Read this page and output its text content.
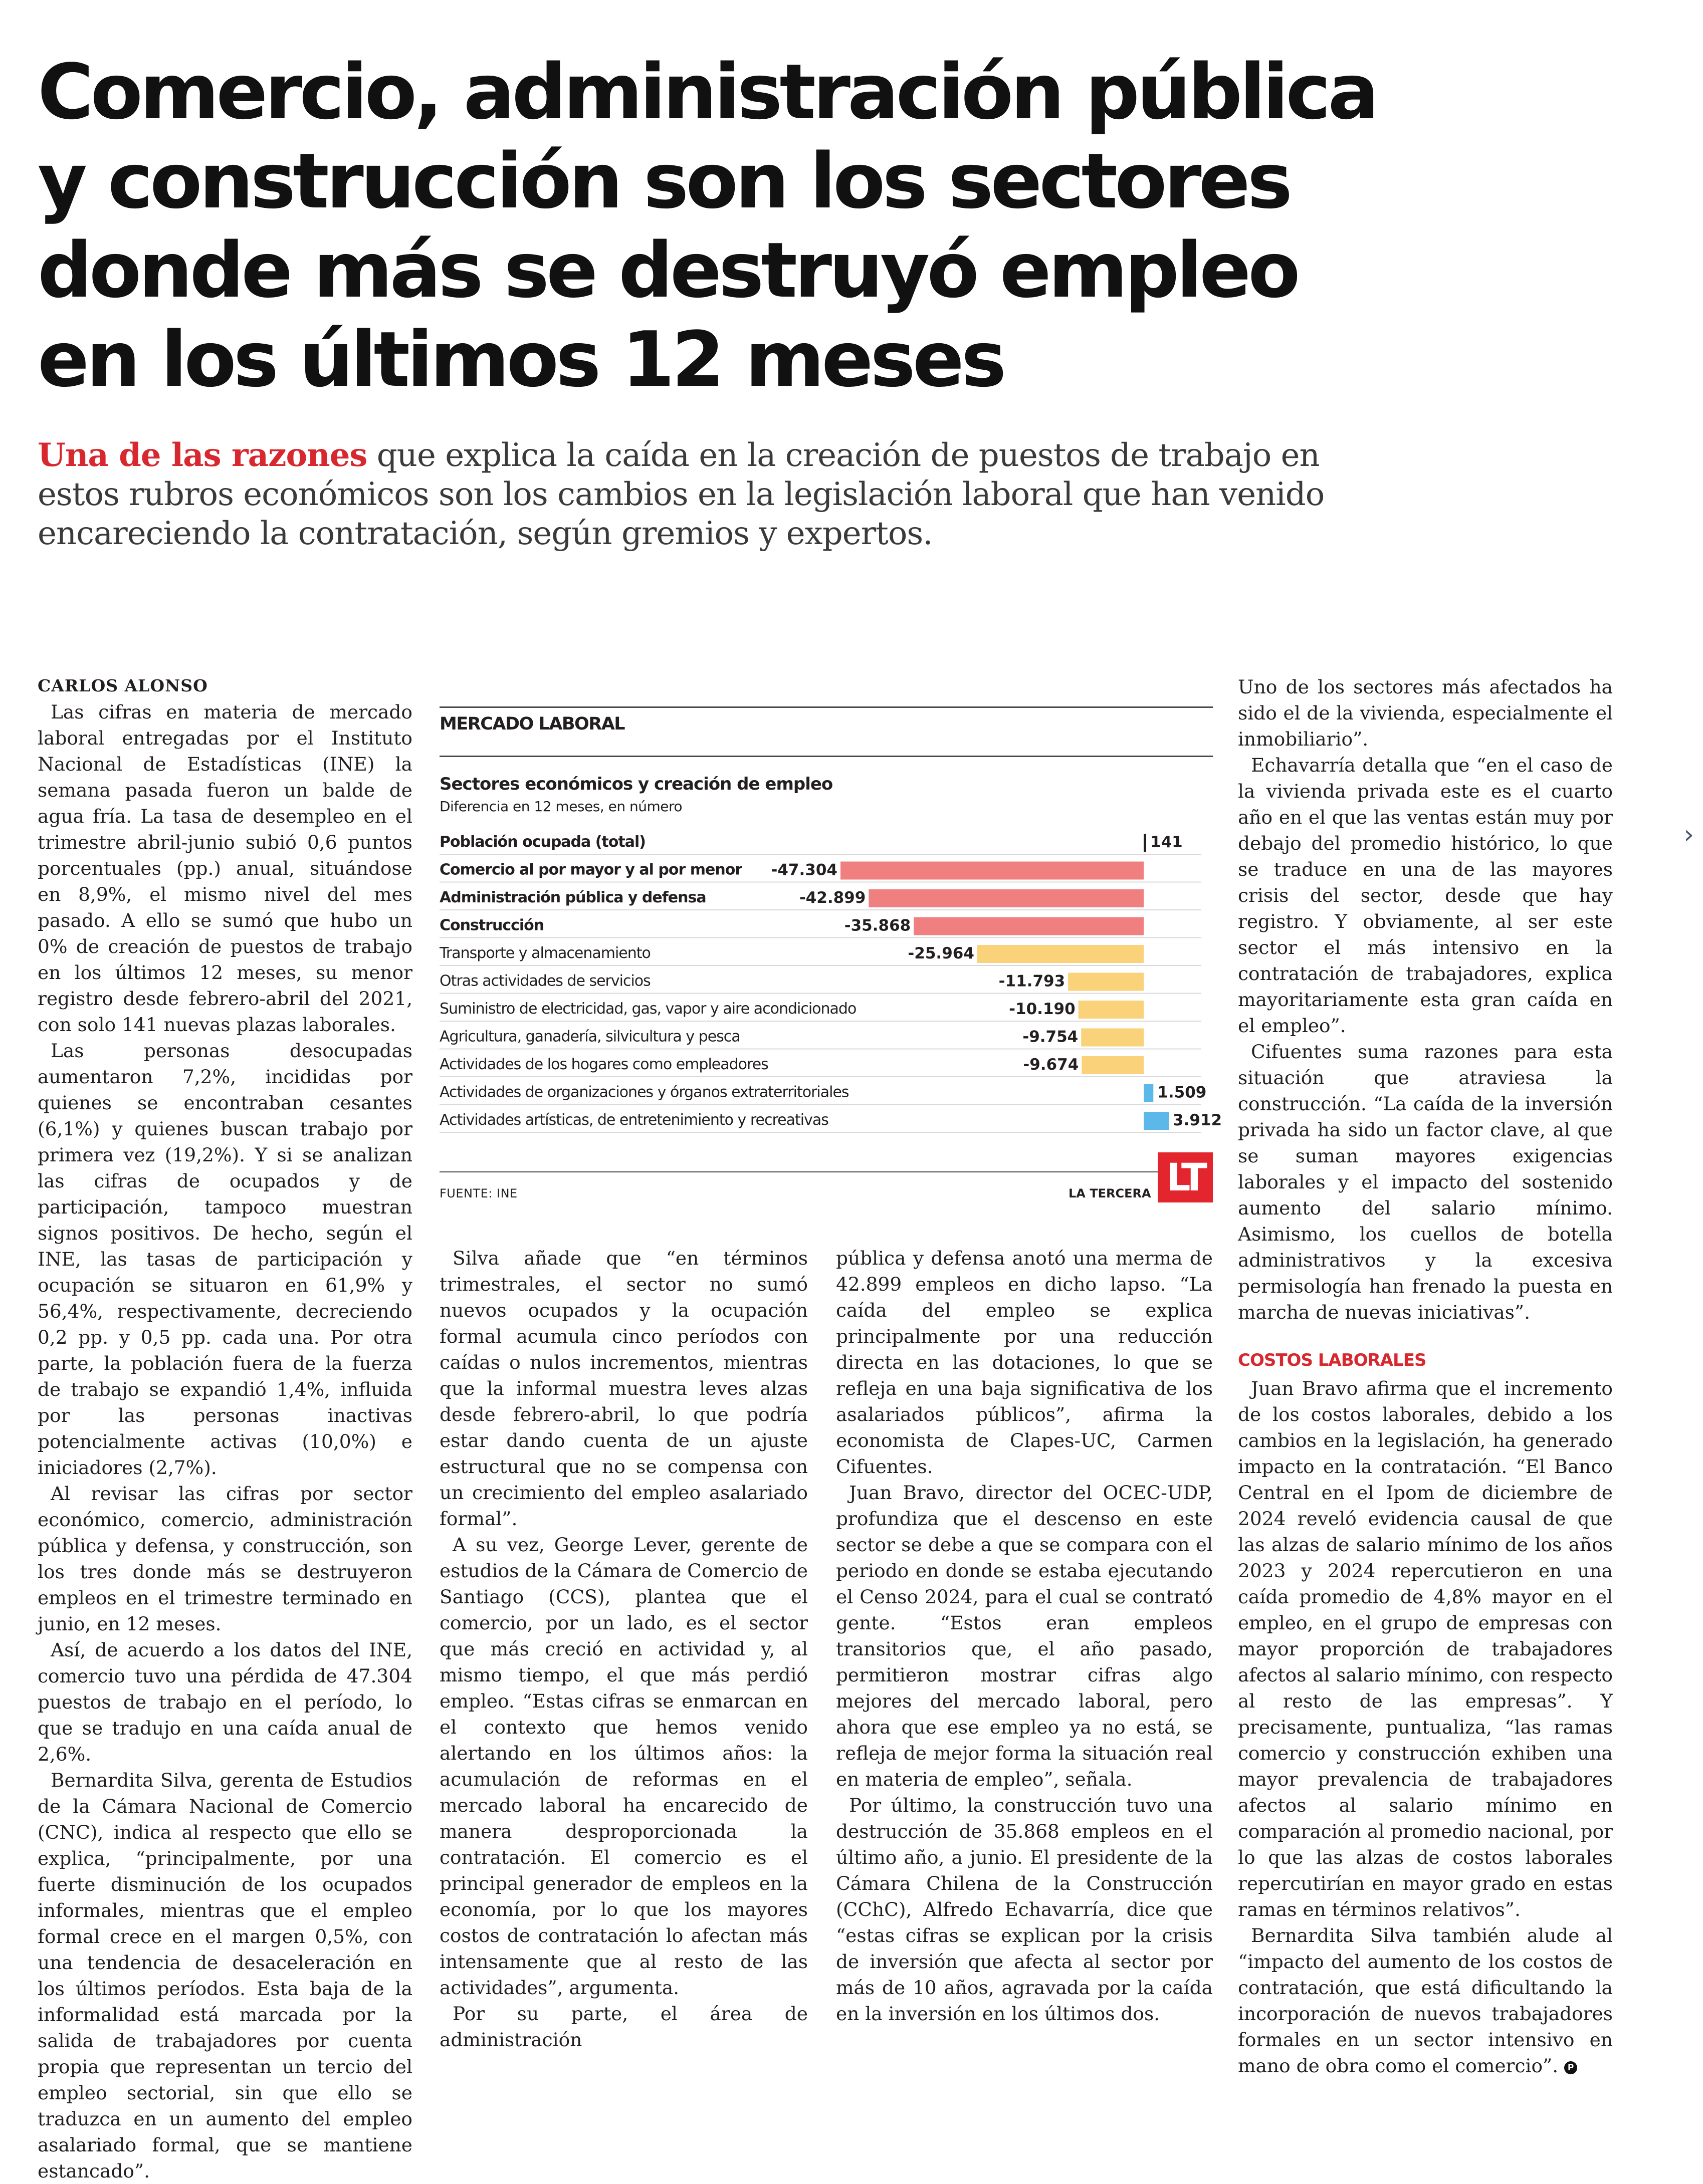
Comercio, administración pública y construcción son los sectores donde más se destruyó empleo en los últimos 12 meses

Una de las razones que explica la caída en la creación de puestos de trabajo en estos rubros económicos son los cambios en la legislación laboral que han venido encareciendo la contratación, según gremios y expertos.

CARLOS ALONSO

Las cifras en materia de mercado laboral entregadas por el Instituto Nacional de Estadísticas (INE) la semana pasada fueron un balde de agua fría. La tasa de desempleo en el trimestre abril-junio subió 0,6 puntos porcentuales (pp.) anual, situándose en 8,9%, el mismo nivel del mes pasado. A ello se sumó que hubo un 0% de creación de puestos de trabajo en los últimos 12 meses, su menor registro desde febrero-abril del 2021, con solo 141 nuevas plazas laborales.

Las personas desocupadas aumentaron 7,2%, incididas por quienes se encontraban cesantes (6,1%) y quienes buscan trabajo por primera vez (19,2%). Y si se analizan las cifras de ocupados y de participación, tampoco muestran signos positivos. De hecho, según el INE, las tasas de participación y ocupación se situaron en 61,9% y 56,4%, respectivamente, decreciendo 0,2 pp. y 0,5 pp. cada una. Por otra parte, la población fuera de la fuerza de trabajo se expandió 1,4%, influida por las personas inactivas potencialmente activas (10,0%) e iniciadores (2,7%).

Al revisar las cifras por sector económico, comercio, administración pública y defensa, y construcción, son los tres donde más se destruyeron empleos en el trimestre terminado en junio, en 12 meses.

Así, de acuerdo a los datos del INE, comercio tuvo una pérdida de 47.304 puestos de trabajo en el período, lo que se tradujo en una caída anual de 2,6%.

Bernardita Silva, gerenta de Estudios de la Cámara Nacional de Comercio (CNC), indica al respecto que ello se explica, “principalmente, por una fuerte disminución de los ocupados informales, mientras que el empleo formal crece en el margen 0,5%, con una tendencia de desaceleración en los últimos períodos. Esta baja de la informalidad está marcada por la salida de trabajadores por cuenta propia que representan un tercio del empleo sectorial, sin que ello se traduzca en un aumento del empleo asalariado formal, que se mantiene estancado”.

MERCADO LABORAL
Sectores económicos y creación de empleo
Diferencia en 12 meses, en número
Población ocupada (total)	141
Comercio al por mayor y al por menor -47.304
Administración pública y defensa	-42.899
Construcción	-35.868
Transporte y almacenamiento	-25.964
Otras actividades de servicios	-11.793
Suministro de electricidad, gas, vapor y aire acondicionado	-10.190
Agricultura, ganadería, silvicultura y pesca	-9.754
Actividades de los hogares como empleadores	-9.674
Actividades de organizaciones y órganos extraterritoriales	1.509
Actividades artísticas, de entretenimiento y recreativas	3.912
FUENTE: INE	LA TERCERA LT

Silva añade que “en términos trimestrales, el sector no sumó nuevos ocupados y la ocupación formal acumula cinco períodos con caídas o nulos incrementos, mientras que la informal muestra leves alzas desde febrero-abril, lo que podría estar dando cuenta de un ajuste estructural que no se compensa con un crecimiento del empleo asalariado formal”.

A su vez, George Lever, gerente de estudios de la Cámara de Comercio de Santiago (CCS), plantea que el comercio, por un lado, es el sector que más creció en actividad y, al mismo tiempo, el que más perdió empleo. “Estas cifras se enmarcan en el contexto que hemos venido alertando en los últimos años: la acumulación de reformas en el mercado laboral ha encarecido de manera desproporcionada la contratación. El comercio es el principal generador de empleos en la economía, por lo que los mayores costos de contratación lo afectan más intensamente que al resto de las actividades”, argumenta.

Por su parte, el área de administración

pública y defensa anotó una merma de 42.899 empleos en dicho lapso. “La caída del empleo se explica principalmente por una reducción directa en las dotaciones, lo que se refleja en una baja significativa de los asalariados públicos”, afirma la economista de Clapes-UC, Carmen Cifuentes.

Juan Bravo, director del OCEC-UDP, profundiza que el descenso en este sector se debe a que se compara con el periodo en donde se estaba ejecutando el Censo 2024, para el cual se contrató gente. “Estos eran empleos transitorios que, el año pasado, permitieron mostrar cifras algo mejores del mercado laboral, pero ahora que ese empleo ya no está, se refleja de mejor forma la situación real en materia de empleo”, señala.

Por último, la construcción tuvo una destrucción de 35.868 empleos en el último año, a junio. El presidente de la Cámara Chilena de la Construcción (CChC), Alfredo Echavarría, dice que “estas cifras se explican por la crisis de inversión que afecta al sector por más de 10 años, agravada por la caída en la inversión en los últimos dos.

Uno de los sectores más afectados ha sido el de la vivienda, especialmente el inmobiliario”.

Echavarría detalla que “en el caso de la vivienda privada este es el cuarto año en el que las ventas están muy por debajo del promedio histórico, lo que se traduce en una de las mayores crisis del sector, desde que hay registro. Y obviamente, al ser este sector el más intensivo en la contratación de trabajadores, explica mayoritariamente esta gran caída en el empleo”.

Cifuentes suma razones para esta situación que atraviesa la construcción. “La caída de la inversión privada ha sido un factor clave, al que se suman mayores exigencias laborales y el impacto del sostenido aumento del salario mínimo. Asimismo, los cuellos de botella administrativos y la excesiva permisología han frenado la puesta en marcha de nuevas iniciativas”.

COSTOS LABORALES

Juan Bravo afirma que el incremento de los costos laborales, debido a los cambios en la legislación, ha generado impacto en la contratación. “El Banco Central en el Ipom de diciembre de 2024 reveló evidencia causal de que las alzas de salario mínimo de los años 2023 y 2024 repercutieron en una caída promedio de 4,8% mayor en el empleo, en el grupo de empresas con mayor proporción de trabajadores afectos al salario mínimo, con respecto al resto de las empresas”. Y precisamente, puntualiza, “las ramas comercio y construcción exhiben una mayor prevalencia de trabajadores afectos al salario mínimo en comparación al promedio nacional, por lo que las alzas de costos laborales repercutirían en mayor grado en estas ramas en términos relativos”.

Bernardita Silva también alude al “impacto del aumento de los costos de contratación, que está dificultando la incorporación de nuevos trabajadores formales en un sector intensivo en mano de obra como el comercio”. P

›
